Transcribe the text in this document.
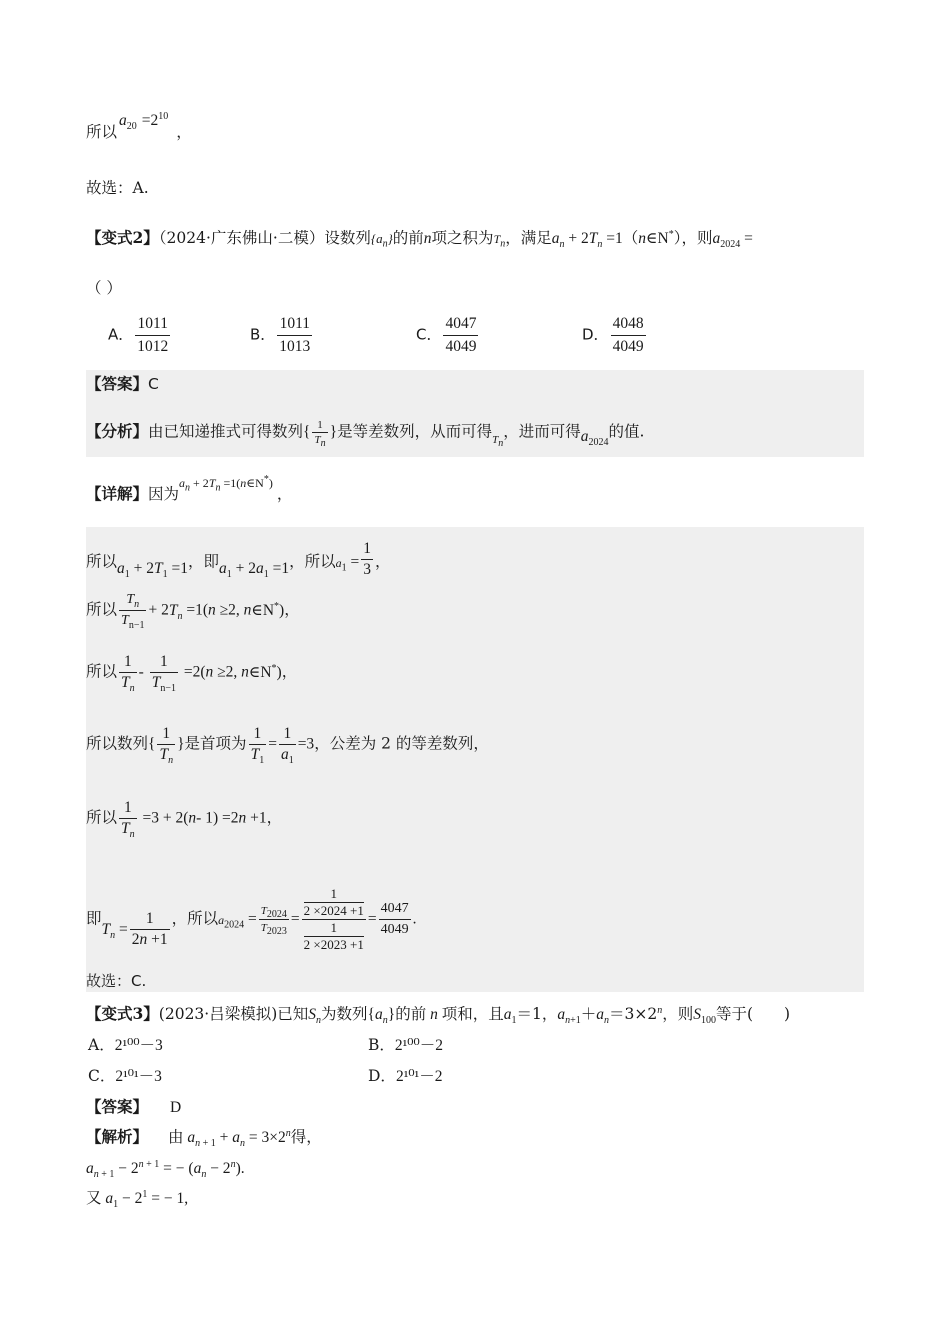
所以$a_{20} =2^{10}$，
故选：A.
【变式2】（2024·广东佛山·二模）设数列$\{a_n\}$的前n项之积为$T_n$，满足$a_n + 2T_n$ =1（n∈N*），则$a_{2024}$ =
（ ）
A． $\frac{1011}{1012}$	B． $\frac{1011}{1013}$	C． $\frac{4047}{4049}$	D． $\frac{4048}{4049}$
【答案】C
【分析】由已知递推式可得数列{ $\frac{1}{T_n}$ }是等差数列，从而可得$_{T_n}$，进而可得$a_{2024}$的值.
【详解】因为$^{a_n + 2T_n =1(n\in N^*)}$，
所以$a_1 + 2T_1 =1$，即$a_1 + 2a_1 =1$，所以$a_1 = \frac{1}{3}$ ，
所以 $\frac{T_n}{T_{n-1}} + 2T_n =1(n \ge 2$, n∈N*)，
所以 $\frac{1}{T_n} - \frac{1}{T_{n-1}} =2(n \ge 2$, n∈N*)，
所以数列{ $\frac{1}{T_n}$ }是首项为 $\frac{1}{T_1} = \frac{1}{a_1} =3$，公差为 2 的等差数列，
所以 $\frac{1}{T_n} =3 + 2(n-$ 1) =2n +1，
即$T_n = \frac{1}{2n +1}$ ，所以$a_{2024} = \frac{T_{2024}}{T_{2023}} = 1$
2 ×2024 +1
1
$2 \times 2023 +1 = \frac{4047}{4049}$ .
故选：C.
【变式3】(2023·吕梁模拟)已知$S_n$为数列$\{a_n\}$的前 n 项和，且$a_1=1$，$a_{n+1}+a_n=3\times 2^n$，则$S_{100}$等于(　　)
A．2¹⁰⁰－3	B．2¹⁰⁰－2
C．2¹⁰¹－3	D．2¹⁰¹－2
【答案】 D
【解析】 由 $a_n$ $_{+ 1} + a_n = 3\times 2^n$得，
$a_n$ $_{+ 1} - 2^{n + 1}$ = − $(a_n - 2^n)$.
又 $a_1 - 2^1$ = − 1,
